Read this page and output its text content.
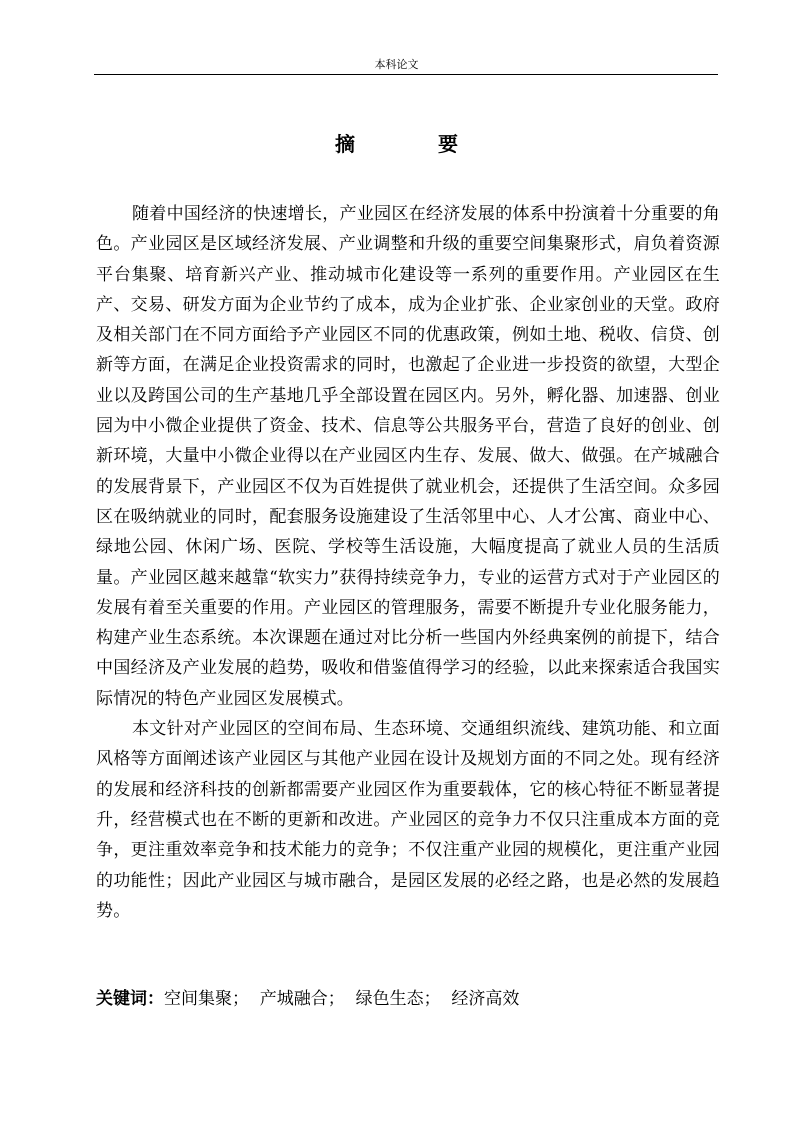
本科论文
摘 要

随着中国经济的快速增长，产业园区在经济发展的体系中扮演着十分重要的角色。产业园区是区域经济发展、产业调整和升级的重要空间集聚形式，肩负着资源平台集聚、培育新兴产业、推动城市化建设等一系列的重要作用。产业园区在生产、交易、研发方面为企业节约了成本，成为企业扩张、企业家创业的天堂。政府及相关部门在不同方面给予产业园区不同的优惠政策，例如土地、税收、信贷、创新等方面，在满足企业投资需求的同时，也激起了企业进一步投资的欲望，大型企业以及跨国公司的生产基地几乎全部设置在园区内。另外，孵化器、加速器、创业园为中小微企业提供了资金、技术、信息等公共服务平台，营造了良好的创业、创新环境，大量中小微企业得以在产业园区内生存、发展、做大、做强。在产城融合的发展背景下，产业园区不仅为百姓提供了就业机会，还提供了生活空间。众多园区在吸纳就业的同时，配套服务设施建设了生活邻里中心、人才公寓、商业中心、绿地公园、休闲广场、医院、学校等生活设施，大幅度提高了就业人员的生活质量。产业园区越来越靠“软实力”获得持续竞争力，专业的运营方式对于产业园区的发展有着至关重要的作用。产业园区的管理服务，需要不断提升专业化服务能力，构建产业生态系统。本次课题在通过对比分析一些国内外经典案例的前提下，结合中国经济及产业发展的趋势，吸收和借鉴值得学习的经验，以此来探索适合我国实际情况的特色产业园区发展模式。

本文针对产业园区的空间布局、生态环境、交通组织流线、建筑功能、和立面风格等方面阐述该产业园区与其他产业园在设计及规划方面的不同之处。现有经济的发展和经济科技的创新都需要产业园区作为重要载体，它的核心特征不断显著提升，经营模式也在不断的更新和改进。产业园区的竞争力不仅只注重成本方面的竞争，更注重效率竞争和技术能力的竞争；不仅注重产业园的规模化，更注重产业园的功能性；因此产业园区与城市融合，是园区发展的必经之路，也是必然的发展趋势。

关键词：空间集聚；  产城融合；  绿色生态；  经济高效
